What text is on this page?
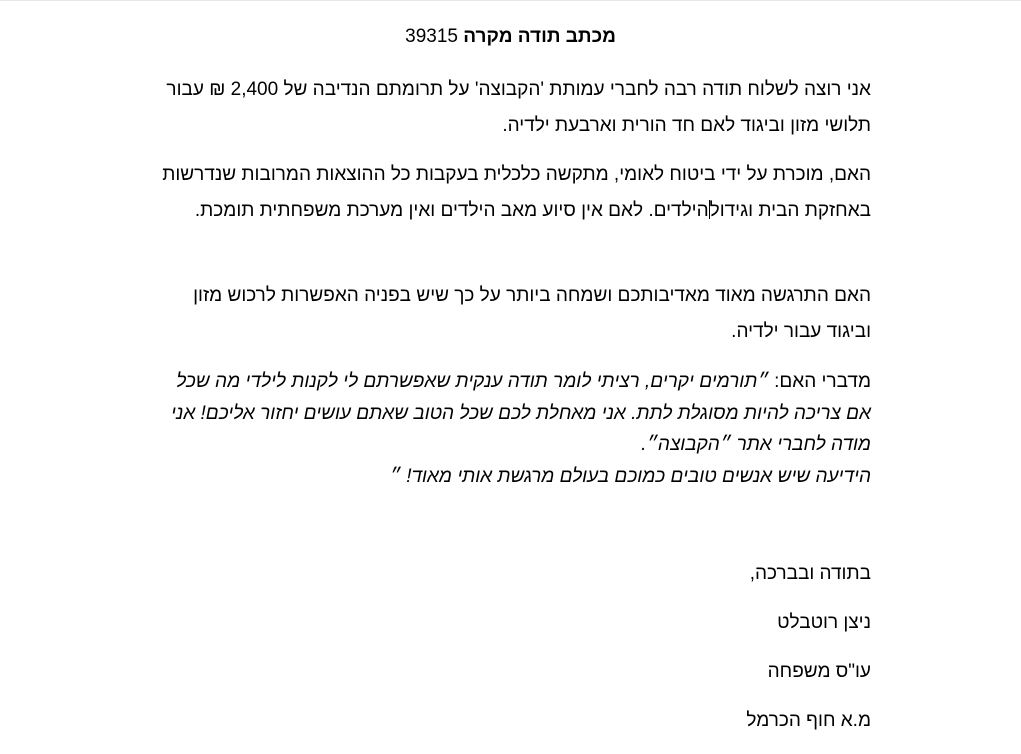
מכתב תודה מקרה 39315

אני רוצה לשלוח תודה רבה לחברי עמותת 'הקבוצה' על תרומתם הנדיבה של 2,400 ₪ עבור תלושי מזון וביגוד לאם חד הורית וארבעת ילדיה.

האם, מוכרת על ידי ביטוח לאומי, מתקשה כלכלית בעקבות כל ההוצאות המרובות שנדרשות באחזקת הבית וגידולהילדים. לאם אין סיוע מאב הילדים ואין מערכת משפחתית תומכת.

האם התרגשה מאוד מאדיבותכם ושמחה ביותר על כך שיש בפניה האפשרות לרכוש מזון וביגוד עבור ילדיה.

מדברי האם: ״תורמים יקרים, רציתי לומר תודה ענקית שאפשרתם לי לקנות לילדי מה שכל אם צריכה להיות מסוגלת לתת. אני מאחלת לכם שכל הטוב שאתם עושים יחזור אליכם! אני מודה לחברי אתר ״הקבוצה״.
הידיעה שיש אנשים טובים כמוכם בעולם מרגשת אותי מאוד! ״

בתודה ובברכה,
ניצן רוטבלט
עו"ס משפחה
מ.א חוף הכרמל
